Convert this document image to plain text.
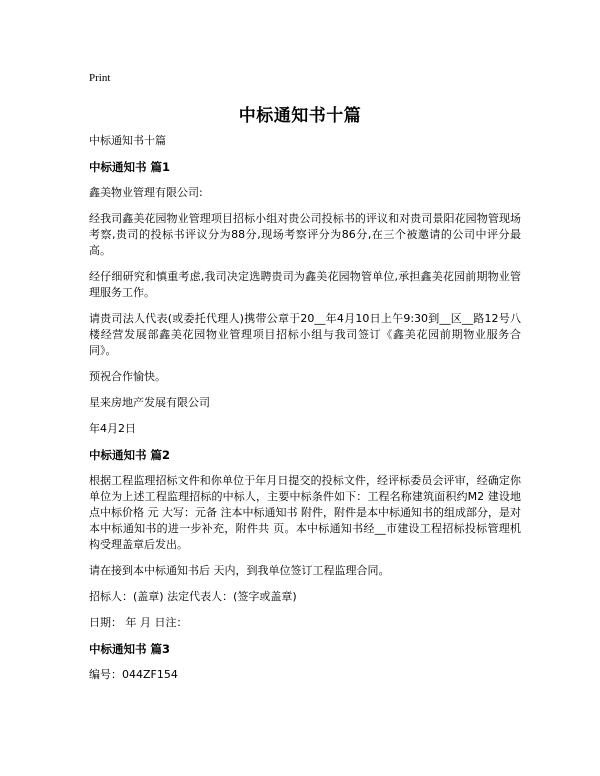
Print
中标通知书十篇

中标通知书十篇

中标通知书 篇1

鑫美物业管理有限公司:

经我司鑫美花园物业管理项目招标小组对贵公司投标书的评议和对贵司景阳花园物管现场考察,贵司的投标书评议分为88分,现场考察评分为86分,在三个被邀请的公司中评分最高。

经仔细研究和慎重考虑,我司决定选聘贵司为鑫美花园物管单位,承担鑫美花园前期物业管理服务工作。

请贵司法人代表(或委托代理人)携带公章于20__年4月10日上午9:30到__区__路12号八楼经营发展部鑫美花园物业管理项目招标小组与我司签订《鑫美花园前期物业服务合同》。

预祝合作愉快。

星来房地产发展有限公司

年4月2日

中标通知书 篇2

根据工程监理招标文件和你单位于年月日提交的投标文件，经评标委员会评审，经确定你单位为上述工程监理招标的中标人，主要中标条件如下：工程名称建筑面积约M2 建设地点中标价格 元 大写：元备 注本中标通知书 附件，附件是本中标通知书的组成部分，是对本中标通知书的进一步补充，附件共 页。本中标通知书经__市建设工程招标投标管理机构受理盖章后发出。

请在接到本中标通知书后 天内，到我单位签订工程监理合同。

招标人：(盖章) 法定代表人：(签字或盖章)

日期： 年 月 日注：

中标通知书 篇3

编号：044ZF154
